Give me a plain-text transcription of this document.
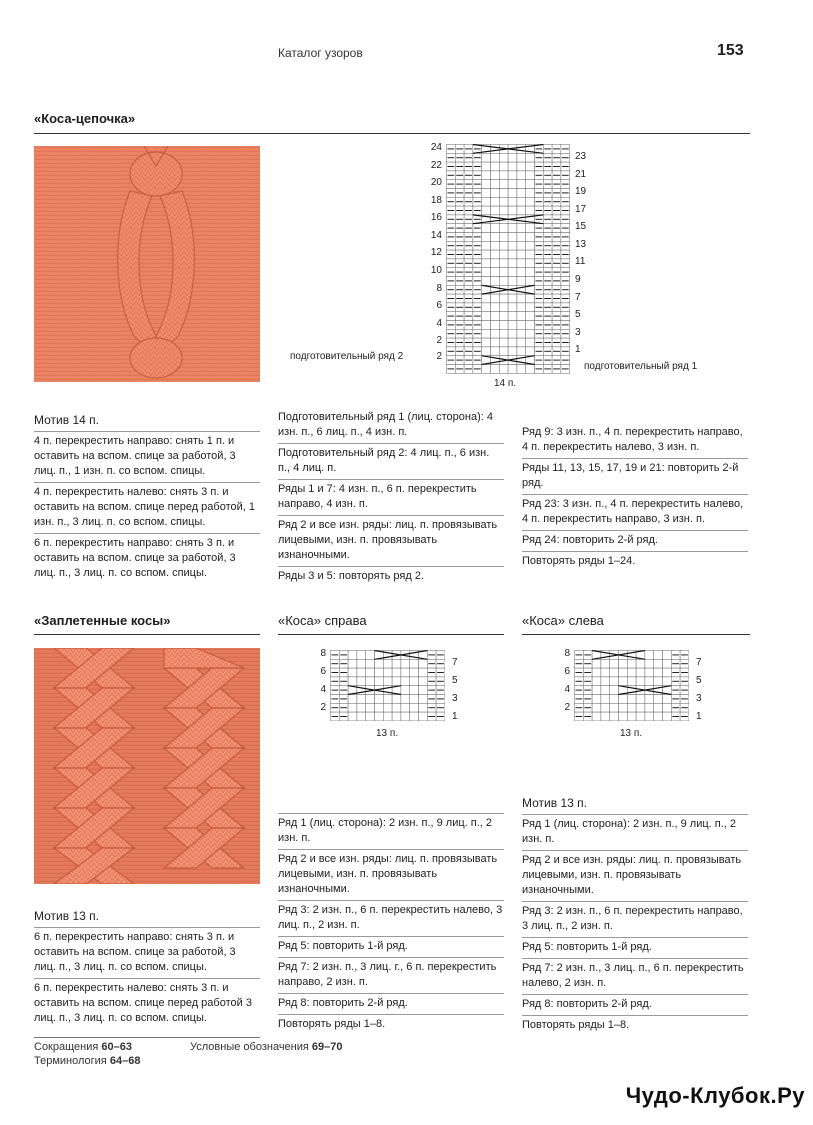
Каталог узоров	153
«Коса-цепочка»
24
22
20
18
16
14
12
10
8
6
4
2
2
23
21
19
17
15
13
11
9
7
5
3
1
подготовительный ряд 2
подготовительный ряд 1
14 п.
Мотив 14 п.
4 п. перекрестить направо: снять 1 п. и оставить на вспом. спице за работой, 3 лиц. п., 1 изн. п. со вспом. спицы.
4 п. перекрестить налево: снять 3 п. и оставить на вспом. спице перед работой, 1 изн. п., 3 лиц. п. со вспом. спицы.
6 п. перекрестить направо: снять 3 п. и оставить на вспом. спице за работой, 3 лиц. п., 3 лиц. п. со вспом. спицы.
Подготовительный ряд 1 (лиц. сторона): 4 изн. п., 6 лиц. п., 4 изн. п.
Подготовительный ряд 2: 4 лиц. п., 6 изн. п., 4 лиц. п.
Ряды 1 и 7: 4 изн. п., 6 п. перекрестить направо, 4 изн. п.
Ряд 2 и все изн. ряды: лиц. п. провязывать лицевыми, изн. п. провязывать изнаночными.
Ряды 3 и 5: повторять ряд 2.
Ряд 9: 3 изн. п., 4 п. перекрестить направо, 4 п. перекрестить налево, 3 изн. п.
Ряды 11, 13, 15, 17, 19 и 21: повторить 2-й ряд.
Ряд 23: 3 изн. п., 4 п. перекрестить налево, 4 п. перекрестить направо, 3 изн. п.
Ряд 24: повторить 2-й ряд.
Повторять ряды 1–24.
«Заплетенные косы»	«Коса» справа	«Коса» слева
8
6
4
2
7
5
3
1
13 п.
8
6
4
2
7
5
3
1
13 п.
Мотив 13 п.
6 п. перекрестить направо: снять 3 п. и оставить на вспом. спице за работой, 3 лиц. п., 3 лиц. п. со вспом. спицы.
6 п. перекрестить налево: снять 3 п. и оставить на вспом. спице перед работой 3 лиц. п., 3 лиц. п. со вспом. спицы.
Ряд 1 (лиц. сторона): 2 изн. п., 9 лиц. п., 2 изн. п.
Ряд 2 и все изн. ряды: лиц. п. провязывать лицевыми, изн. п. провязывать изнаночными.
Ряд 3: 2 изн. п., 6 п. перекрестить налево, 3 лиц. п., 2 изн. п.
Ряд 5: повторить 1-й ряд.
Ряд 7: 2 изн. п., 3 лиц. г., 6 п. перекрестить направо, 2 изн. п.
Ряд 8: повторить 2-й ряд.
Повторять ряды 1–8.
Мотив 13 п.
Ряд 1 (лиц. сторона): 2 изн. п., 9 лиц. п., 2 изн. п.
Ряд 2 и все изн. ряды: лиц. п. провязывать лицевыми, изн. п. провязывать изнаночными.
Ряд 3: 2 изн. п., 6 п. перекрестить направо, 3 лиц. п., 2 изн. п.
Ряд 5: повторить 1-й ряд.
Ряд 7: 2 изн. п., 3 лиц. п., 6 п. перекрестить налево, 2 изн. п.
Ряд 8: повторить 2-й ряд.
Повторять ряды 1–8.
Сокращения 60–63
Терминология 64–68
Условные обозначения 69–70
Чудо-Клубок.Ру
